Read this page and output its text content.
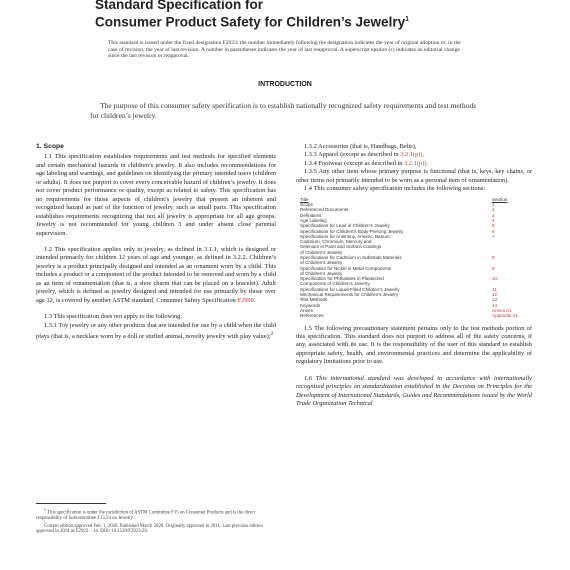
Standard Specification for
Consumer Product Safety for Children’s Jewelry$^1$
This standard is issued under the fixed designation F2923; the number immediately following the designation indicates the year of original adoption or, in the case of revision, the year of last revision. A number in parentheses indicates the year of last reapproval. A superscript epsilon (ε) indicates an editorial change since the last revision or reapproval.
INTRODUCTION
The purpose of this consumer safety specification is to establish nationally recognized safety requirements and test methods for children’s jewelry.

1. Scope

1.1 This specification establishes requirements and test methods for specified elements and certain mechanical hazards in children’s jewelry. It also includes recommendations for age labeling and warnings, and guidelines on identifying the primary intended users (children or adults). It does not purport to cover every conceivable hazard of children’s jewelry. It does not cover product performance or quality, except as related to safety. This specification has no requirements for those aspects of children’s jewelry that present an inherent and recognized hazard as part of the function of jewelry, such as small parts. This specification establishes requirements recognizing that not all jewelry is appropriate for all age groups. Jewelry is not recommended for young children 3 and under absent close parental supervision.

1.2 This specification applies only to jewelry, as defined in 3.1.1, which is designed or intended primarily for children 12 years of age and younger, as defined in 3.2.2. Children’s jewelry is a product principally designed and intended as an ornament worn by a child. This includes a product or a component of the product intended to be removed and worn by a child as an item of ornamentation (that is, a shoe charm that can be placed on a bracelet). Adult jewelry, which is defined as jewelry designed and intended for use primarily by those over age 12, is covered by another ASTM standard, Consumer Safety Specification F2999.

1.3 This specification does not apply to the following:

1.3.1 Toy jewelry or any other products that are intended for use by a child when the child plays (that is, a necklace worn by a doll or stuffed animal, novelty jewelry with play value);$^2$

1.3.2 Accessories (that is, Handbags, Belts),

1.3.3 Apparel (except as described in 3.2.1(p)),

1.3.4 Footwear (except as described in 3.2.1(p)).

1.3.5 Any other item whose primary purpose is functional (that is, keys, key chains, or other items not primarily intended to be worn as a personal item of ornamentation).

1.4 This consumer safety specification includes the following sections:

Title	Section
Scope	1
Referenced Documents	2
Definitions	3
Age Labeling	4
Specifications for Lead in Children’s Jewelry	5
Specifications for Children’s Body-Piercing Jewelry	6
Specifications for Antimony, Arsenic, Barium,	7
Cadmium, Chromium, Mercury and
Selenium in Paint and Surface Coatings
of Children’s Jewelry
Specifications for Cadmium in Substrate Materials	8
of Children’s Jewelry
Specification for Nickel in Metal Components	9
of Children’s Jewelry
Specification for Phthalates in Plasticized	10
Components of Children’s Jewelry
Specifications for Liquid-Filled Children’s Jewelry	11
Mechanical Requirements for Children’s Jewelry	12
Test Methods	13
Keywords	14
Annex	Annex A1
References	Appendix X1

1.5 The following precautionary statement pertains only to the test methods portion of this specification. This standard does not purport to address all of the safety concerns, if any, associated with its use. It is the responsibility of the user of this standard to establish appropriate safety, health, and environmental practices and determine the applicability of regulatory limitations prior to use.

1.6 This international standard was developed in accordance with internationally recognized principles on standardization established in the Decision on Principles for the Development of International Standards, Guides and Recommendations issued by the World Trade Organization Technical

$^1$ This specification is under the jurisdiction of ASTM Committee F15 on Consumer Products and is the direct responsibility of Subcommittee F15.24 on Jewelry.

Current edition approved Feb. 1, 2020. Published March 2020. Originally approved in 2011. Last previous edition approved in 2014 as F2923 – 14. DOI: 10.1520/F2923-20.
